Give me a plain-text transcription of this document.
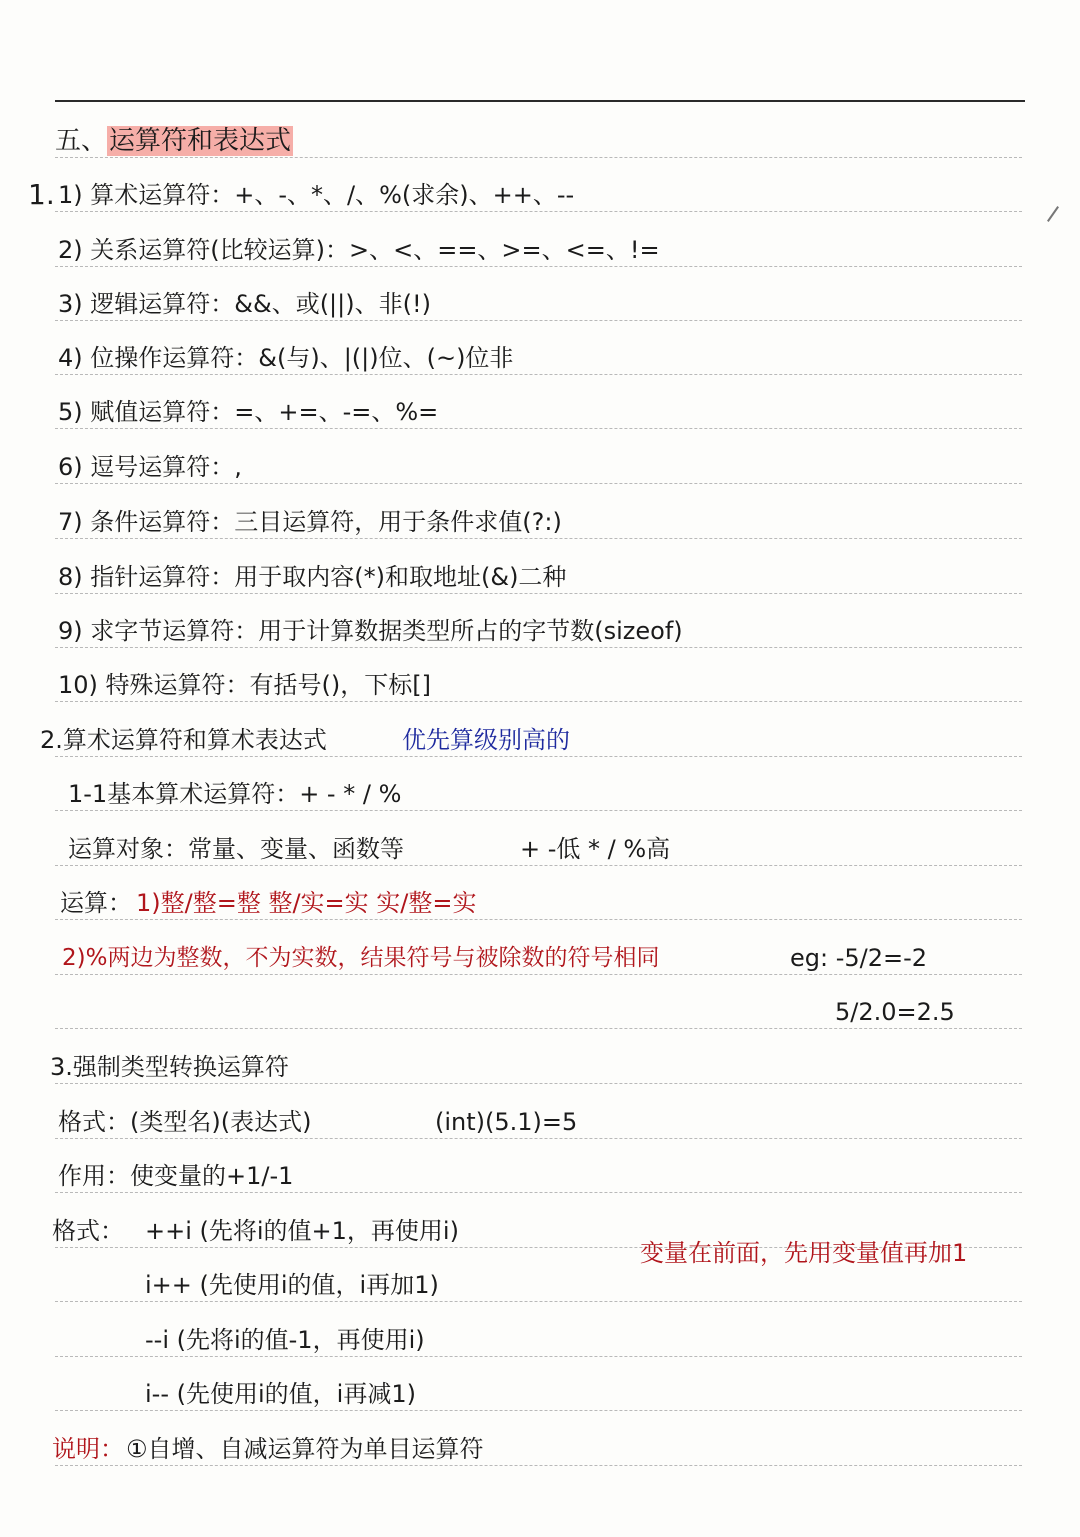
五、运算符和表达式
1. 1) 算术运算符：+、-、*、/、%(求余)、++、--
2) 关系运算符(比较运算)：>、<、==、>=、<=、!=
3) 逻辑运算符：&&、或(||)、非(!)
4) 位操作运算符：&(与)、|(|)位、(~)位非
5) 赋值运算符：=、+=、-=、%=
6) 逗号运算符：,
7) 条件运算符：三目运算符，用于条件求值(?:)
8) 指针运算符：用于取内容(*)和取地址(&)二种
9) 求字节运算符：用于计算数据类型所占的字节数(sizeof)
10) 特殊运算符：有括号()，下标[]
2.算术运算符和算术表达式	优先算级别高的
1-1基本算术运算符：+ - * / %
运算对象：常量、变量、函数等	+ -低 * / %高
运算： 1)整/整=整 整/实=实 实/整=实
2)%两边为整数，不为实数，结果符号与被除数的符号相同	eg: -5/2=-2
5/2.0=2.5
3.强制类型转换运算符
格式：(类型名)(表达式)	(int)(5.1)=5
作用：使变量的+1/-1
格式： ++i (先将i的值+1，再使用i)
i++ (先使用i的值，i再加1)
--i (先将i的值-1，再使用i)
i-- (先使用i的值，i再减1)
变量在前面，先用变量值再加1
说明： ①自增、自减运算符为单目运算符
